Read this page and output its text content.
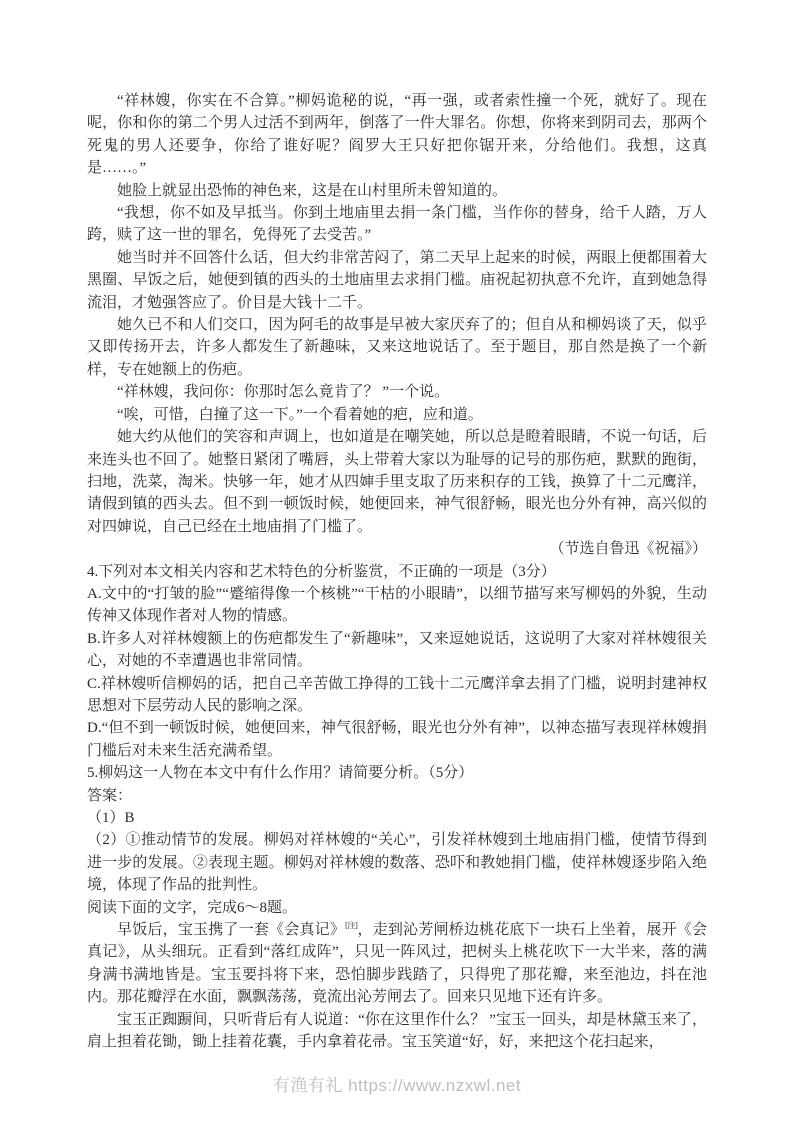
“祥林嫂，你实在不合算。”柳妈诡秘的说，“再一强，或者索性撞一个死，就好了。现在呢，你和你的第二个男人过活不到两年，倒落了一件大罪名。你想，你将来到阴司去，那两个死鬼的男人还要争，你给了谁好呢？阎罗大王只好把你锯开来，分给他们。我想，这真是……。”

她脸上就显出恐怖的神色来，这是在山村里所未曾知道的。

“我想，你不如及早抵当。你到土地庙里去捐一条门槛，当作你的替身，给千人踏，万人跨，赎了这一世的罪名，免得死了去受苦。”

她当时并不回答什么话，但大约非常苦闷了，第二天早上起来的时候，两眼上便都围着大黑圈、早饭之后，她便到镇的西头的土地庙里去求捐门槛。庙祝起初执意不允许，直到她急得流泪，才勉强答应了。价目是大钱十二千。

她久已不和人们交口，因为阿毛的故事是早被大家厌弃了的；但自从和柳妈谈了天，似乎又即传扬开去，许多人都发生了新趣味，又来这地说话了。至于题目，那自然是换了一个新样，专在她额上的伤疤。

“祥林嫂，我问你：你那时怎么竟肯了？ ”一个说。

“唉，可惜，白撞了这一下。”一个看着她的疤，应和道。

她大约从他们的笑容和声调上，也如道是在嘲笑她，所以总是瞪着眼睛，不说一句话，后来连头也不回了。她整日紧闭了嘴唇，头上带着大家以为耻辱的记号的那伤疤，默默的跑街，扫地，洗菜，淘米。快够一年，她才从四婶手里支取了历来积存的工钱，换算了十二元鹰洋，请假到镇的西头去。但不到一顿饭时候，她便回来，神气很舒畅，眼光也分外有神，高兴似的对四婶说，自己已经在土地庙捐了门槛了。

（节选自鲁迅《祝福》）

4.下列对本文相关内容和艺术特色的分析鉴赏，不正确的一项是（3分）

A.文中的“打皱的脸”“蹙缩得像一个核桃”“干枯的小眼睛”，以细节描写来写柳妈的外貌，生动传神又体现作者对人物的情感。

B.许多人对祥林嫂额上的伤疤都发生了“新趣味”，又来逗她说话，这说明了大家对祥林嫂很关心，对她的不幸遭遇也非常同情。

C.祥林嫂听信柳妈的话，把自己辛苦做工挣得的工钱十二元鹰洋拿去捐了门槛，说明封建神权思想对下层劳动人民的影响之深。

D.“但不到一顿饭时候，她便回来，神气很舒畅，眼光也分外有神”，以神态描写表现祥林嫂捐门槛后对未来生活充满希望。

5.柳妈这一人物在本文中有什么作用？请简要分析。（5分）

答案：

（1）B

（2）①推动情节的发展。柳妈对祥林嫂的“关心”，引发祥林嫂到土地庙捐门槛，使情节得到进一步的发展。②表现主题。柳妈对祥林嫂的数落、恐吓和教她捐门槛，使祥林嫂逐步陷入绝境，体现了作品的批判性。

阅读下面的文字，完成6～8题。

早饭后，宝玉携了一套《会真记》[注]，走到沁芳闸桥边桃花底下一块石上坐着，展开《会真记》，从头细玩。正看到“落红成阵”，只见一阵风过，把树头上桃花吹下一大半来，落的满身满书满地皆是。宝玉要抖将下来，恐怕脚步践踏了，只得兜了那花瓣，来至池边，抖在池内。那花瓣浮在水面，飘飘荡荡，竟流出沁芳闸去了。回来只见地下还有许多。

宝玉正踟蹰间，只听背后有人说道：“你在这里作什么？ ”宝玉一回头，却是林黛玉来了，肩上担着花锄，锄上挂着花囊，手内拿着花帚。宝玉笑道“好，好，来把这个花扫起来，

有渔有礼 https://www.nzxwl.net
